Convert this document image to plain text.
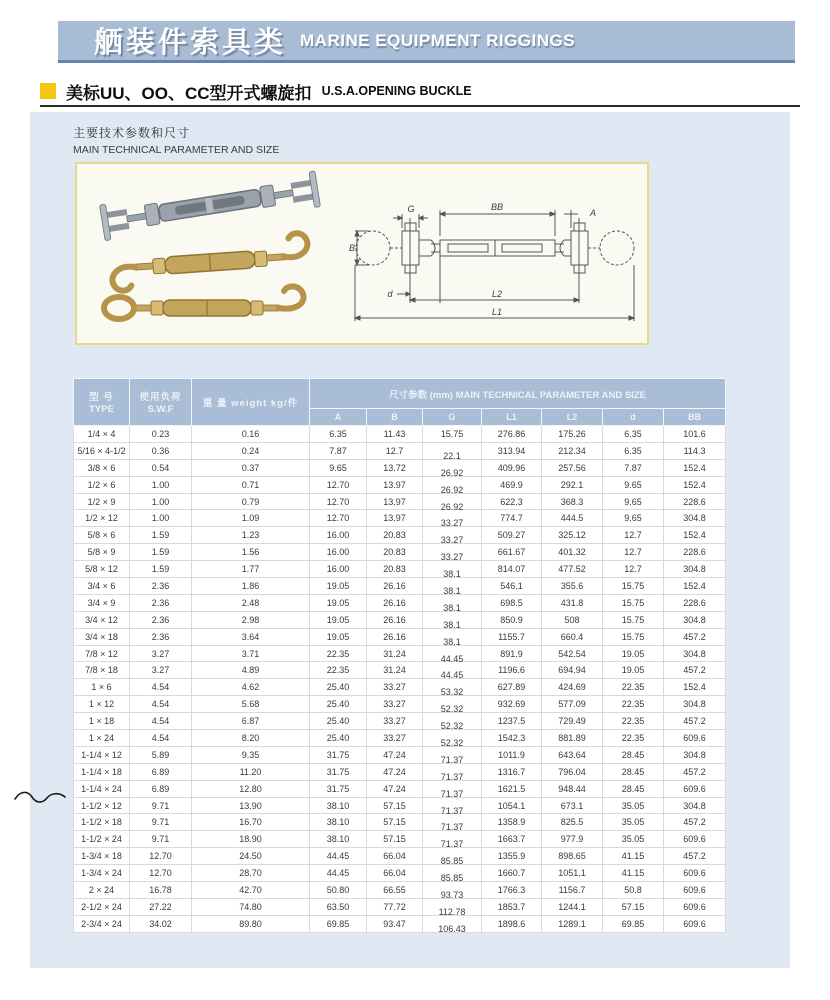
舾装件索具类 MARINE EQUIPMENT RIGGINGS
美标UU、OO、CC型开式螺旋扣 U.S.A.OPENING BUCKLE
主要技术参数和尺寸
MAIN TECHNICAL PARAMETER AND SIZE
G	BB
A
B
d	L2
L1
型 号
TYPE

使用负荷
S.W.F

重 量 weight kg/件
	尺寸参数 (mm) MAIN TECHNICAL PARAMETER AND SIZE
			A	B	G	L1	L2	d	BB
1/4 × 4	0.23	0.16	6.35	11.43	15.75	276.86	175.26	6.35	101.6
5/16 × 4-1/2	0.36	0.24	7.87	12.7	22.1	313.94	212.34	6.35	114.3
3/8 × 6	0.54	0.37	9.65	13.72	26.92	409.96	257.56	7.87	152.4
1/2 × 6	1.00	0.71	12.70	13.97	26.92	469.9	292.1	9.65	152.4
1/2 × 9	1.00	0.79	12.70	13.97	26.92	622.3	368.3	9.65	228.6
1/2 × 12	1.00	1.09	12.70	13.97	33.27	774.7	444.5	9.65	304.8
5/8 × 6	1.59	1.23	16.00	20.83	33.27	509.27	325.12	12.7	152.4
5/8 × 9	1.59	1.56	16.00	20.83	33.27	661.67	401.32	12.7	228.6
5/8 × 12	1.59	1.77	16.00	20.83	38.1	814.07	477.52	12.7	304.8
3/4 × 6	2.36	1.86	19.05	26.16	38.1	546.1	355.6	15.75	152.4
3/4 × 9	2.36	2.48	19.05	26.16	38.1	698.5	431.8	15.75	228.6
3/4 × 12	2.36	2.98	19.05	26.16	38.1	850.9	508	15.75	304.8
3/4 × 18	2.36	3.64	19.05	26.16	38.1	1155.7	660.4	15.75	457.2
7/8 × 12	3.27	3.71	22.35	31.24	44.45	891.9	542.54	19.05	304.8
7/8 × 18	3.27	4.89	22.35	31.24	44.45	1196.6	694.94	19.05	457.2
1 × 6	4.54	4.62	25.40	33.27	53.32	627.89	424.69	22.35	152.4
1 × 12	4.54	5.68	25.40	33.27	52.32	932.69	577.09	22.35	304.8
1 × 18	4.54	6.87	25.40	33.27	52.32	1237.5	729.49	22.35	457.2
1 × 24	4.54	8.20	25.40	33.27	52.32	1542.3	881.89	22.35	609.6
1-1/4 × 12	5.89	9.35	31.75	47.24	71.37	1011.9	643.64	28.45	304.8
1-1/4 × 18	6.89	11.20	31.75	47.24	71.37	1316.7	796.04	28.45	457.2
1-1/4 × 24	6.89	12.80	31.75	47.24	71.37	1621.5	948.44	28.45	609.6
1-1/2 × 12	9.71	13.90	38.10	57.15	71.37	1054.1	673.1	35.05	304.8
1-1/2 × 18	9.71	16.70	38.10	57.15	71.37	1358.9	825.5	35.05	457.2
1-1/2 × 24	9.71	18.90	38.10	57.15	71.37	1663.7	977.9	35.05	609.6
1-3/4 × 18	12.70	24.50	44.45	66.04	85.85	1355.9	898.65	41.15	457.2
1-3/4 × 24	12.70	28.70	44.45	66.04	85.85	1660.7	1051.1	41.15	609.6
2 × 24	16.78	42.70	50.80	66.55	93.73	1766.3	1156.7	50.8	609.6
2-1/2 × 24	27.22	74.80	63.50	77.72	112.78	1853.7	1244.1	57.15	609.6
2-3/4 × 24	34.02	89.80	69.85	93.47	106.43	1898.6	1289.1	69.85	609.6
